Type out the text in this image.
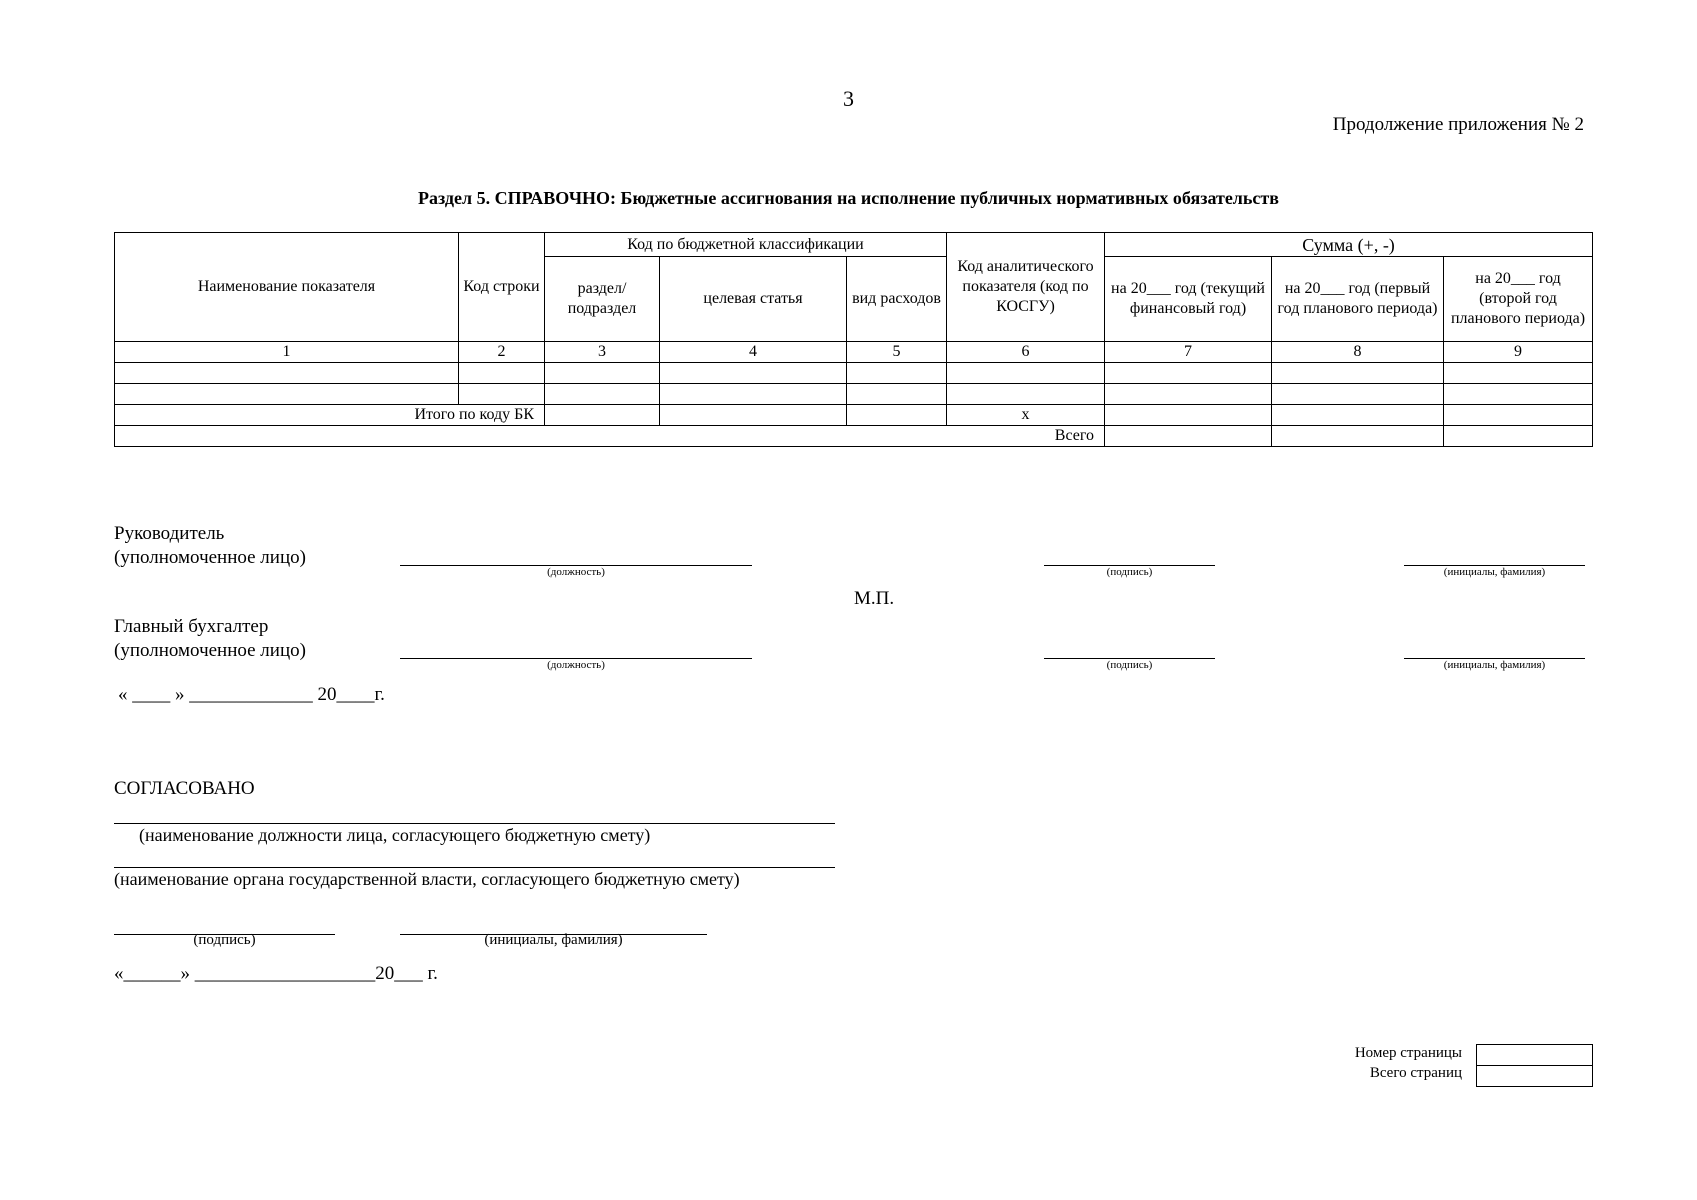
3
Продолжение приложения № 2
Раздел 5. СПРАВОЧНО: Бюджетные ассигнования на исполнение публичных нормативных обязательств
Наименование показателя	Код строки	Код по бюджетной классификации			Код аналитического показателя (код по КОСГУ)	Сумма (+, -)		
		раздел/ подраздел	целевая статья	вид расходов		на 20___ год (текущий финансовый год)	на 20___ год (первый год планового периода)	на 20___ год (второй год планового периода)
1	2	3	4	5	6	7	8	9

Итого по коду БК					x			
Всего								
Руководитель
(уполномоченное лицо)
(должность)	(подпись)	(инициалы, фамилия)
М.П.
Главный бухгалтер
(уполномоченное лицо)
(должность)	(подпись)	(инициалы, фамилия)
« ____ » _____________ 20____г.
СОГЛАСОВАНО
(наименование должности лица, согласующего бюджетную смету)
(наименование органа государственной власти, согласующего бюджетную смету)
(подпись)	(инициалы, фамилия)
«______» ___________________20___ г.
Номер страницы
Всего страниц
